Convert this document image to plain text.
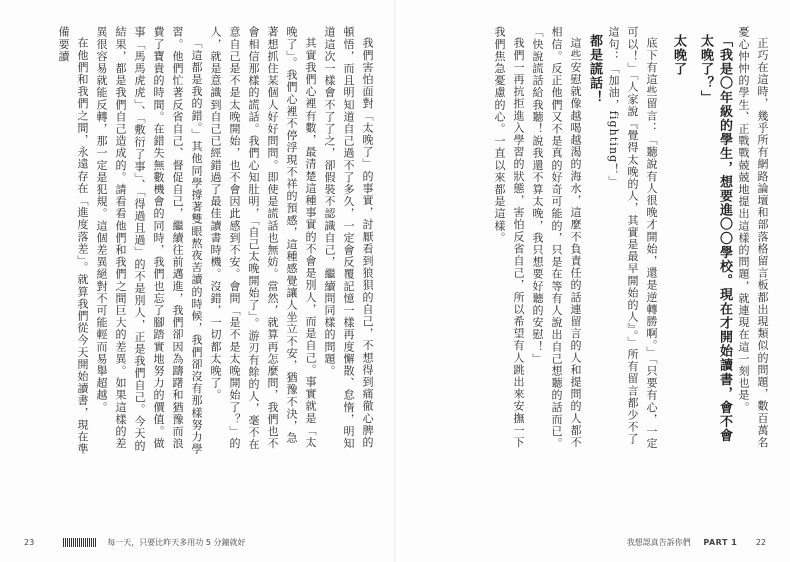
我們害怕面對「太晚了」的事實，討厭看到狼狽的自己，不想得到痛徹心脾的頓悟，而且明知道自己過不了多久，一定會反覆記憶一樣再度懈散、怠惰，明知道這次一樣會不了了之，卻假裝不認識自己，繼續問同樣的問題。

其實我們心裡有數，最清楚這種事實的不會是別人，而是自己。事實就是「太晚了」。我們心裡不停浮現不祥的預感，這種感覺讓人坐立不安，猶豫不決，急著想抓住某個人好好問問。即使是謊話也無妨。當然，就算再怎麼問，我們也不會相信那樣的謊話。我們心知肚明，「自己太晚開始了」。游刃有餘的人，毫不在意自己是不是太晚開始，也不會因此感到不安。會問「是不是太晚開始了？」的人，就是意識到自己已經錯過了最佳讀書時機。沒錯，一切都太晚了。

「這都是我的錯。」其他同學撐著雙眼熬夜苦讀的時候，我們卻沒有那樣努力學習。他們忙著反省自己、督促自己，繼續往前邁進，我們卻因為躊躇和猶豫而浪費了寶貴的時間。在錯失無數機會的同時，我們也忘了腳踏實地努力的價值。做事「馬馬虎虎」、「敷衍了事」、「得過且過」的不是別人，正是我們自己。今天的結果，都是我們自己造成的。請看看他們和我們之間巨大的差異。如果這樣的差異很容易就能反轉，那一定是犯規。這個差異絕對不可能輕而易舉超越。

在他們和我們之間，永遠存在「進度落差」。就算我們從今天開始讀書，現在準備要讀

23	每一天，只要比昨天多用功 5 分鐘就好

正巧在這時，幾乎所有網路論壇和部落格留言板都出現類似的問題，數百萬名憂心忡忡的學生、正戰戰兢兢地提出這樣的問題，就連現在這一刻也是。

「我是〇年級的學生，想要進〇〇學校。現在才開始讀書，會不會太晚了？」

太晚了

底下有這些留言：「聽說有人很晚才開始，還是逆轉勝啊。」「只要有心，一定可以！」「人家說『覺得太晚的人，其實是最早開始的人』。」所有留言都少不了這句：「加油，fighting！」

都是謊話！

這些安慰就像越喝越渴的海水，這麼不負責任的話連留言的人和提問的人都不相信。反正他們又不是真的好奇可能的，只是在等有人說出自己想聽的話而已。「快說謊話給我聽！說我還不算太晚，我只想要好聽的安慰！」

我們一再抗拒進入學習的狀態，害怕反省自己，所以希望有人跳出來安撫一下我們焦急憂慮的心。一直以來都是這樣。

我想認真告訴你們 PART 1 22
